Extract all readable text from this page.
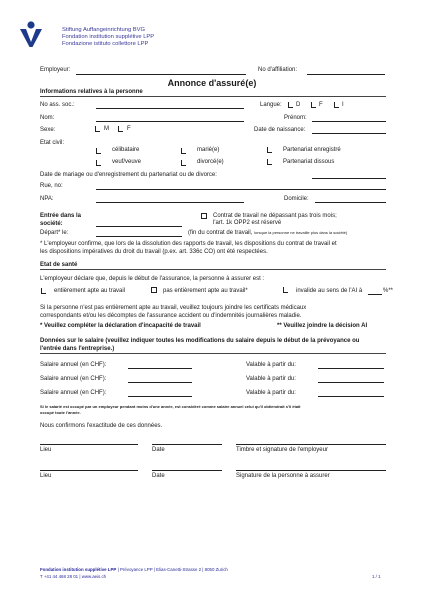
Stiftung Auffangeinrichtung BVG
Fondation institution supplétive LPP
Fondazione istituto collettore LPP
Employeur:	No d'affiliation:
Annonce d'assuré(e)
Informations relatives à la personne
No ass. soc.:	Langue: D	F	I
Nom:	Prénom:
Sexe:	M	F	Date de naissance:
Etat civil:
célibataire	marié(e)	Partenariat enregistré
veuf/veuve	divorcé(e)	Partenariat dissous
Date de mariage ou d'enregistrement du partenariat ou de divorce:
Rue, no:
NPA:	Domicile:
Entrée dans la
société:
Contrat de travail ne dépassant pas trois mois;
l'art. 1k OPP2 est réservé
Départ* le:	(fin du contrat de travail, lorsque la personne ne travaille plus dans la société)
* L'employeur confirme, que lors de la dissolution des rapports de travail, les dispositions du contrat de travail et
les dispositions impératives du droit du travail (p.ex. art. 336c CO) ont été respectées.
Etat de santé
L'employeur déclare que, depuis le début de l'assurance, la personne à assurer est :
entièrement apte au travail	pas entièrement apte au travail*	invalide au sens de l'AI à	%**
Si la personne n'est pas entièrement apte au travail, veuillez toujours joindre les certificats médicaux
correspondants et/ou les décomptes de l'assurance accident ou d'indemnités journalières maladie.
* Veuillez compléter la déclaration d'incapacité de travail	** Veuillez joindre la décision AI
Données sur le salaire (veuillez indiquer toutes les modifications du salaire depuis le début de la prévoyance ou
l'entrée dans l'entreprise.)
Salaire annuel (en CHF):	Valable à partir du:
Salaire annuel (en CHF):	Valable à partir du:
Salaire annuel (en CHF):	Valable à partir du:
Si le salarié est occupé par un employeur pendant moins d'une année, est considéré comme salaire annuel celui qu'il obtiendrait s'il était
occupé toute l'année.
Nous confirmons l'exactitude de ces données.
Lieu	Date	Timbre et signature de l'employeur
Lieu	Date	Signature de la personne à assurer
Fondation institution supplétive LPP | Prévoyance LPP | Elias-Canetti-Strasse 2 | 8050 Zurich
T +41 44 468 28 01 | www.aeis.ch	1 / 1
